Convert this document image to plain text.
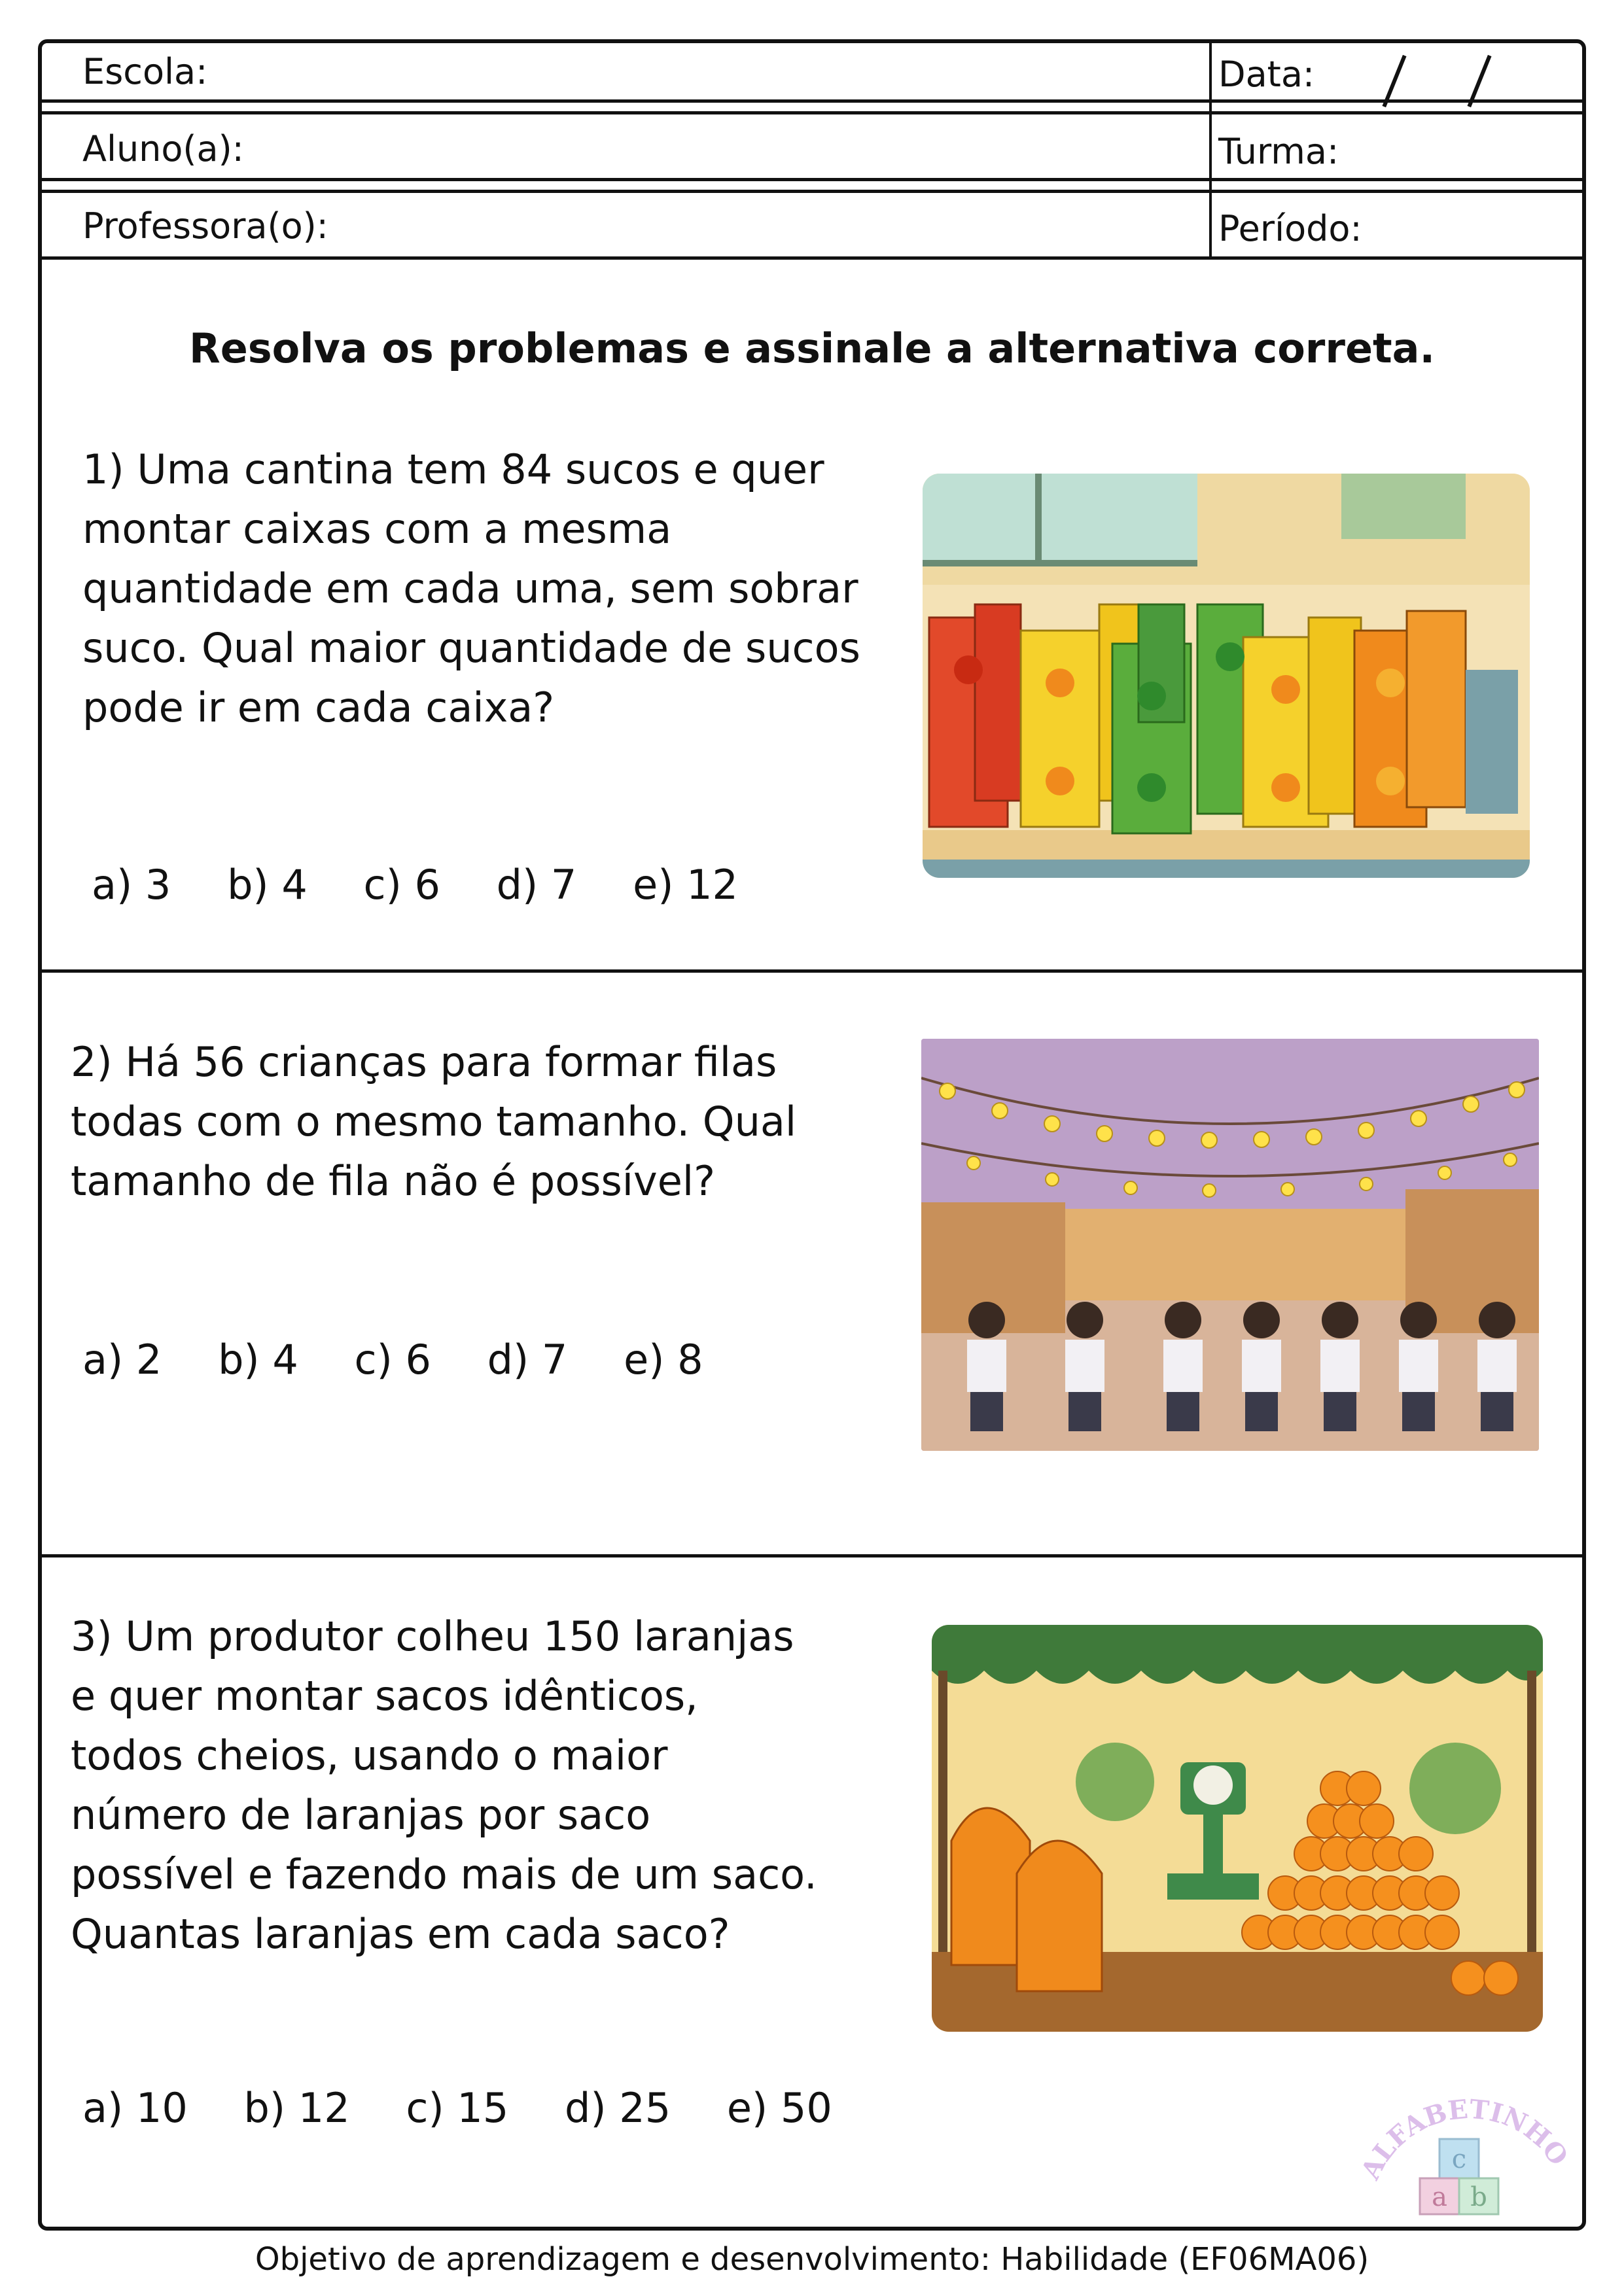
Escola:	Data:
Aluno(a):	Turma:
Professora(o):	Período:
Resolva os problemas e assinale a alternativa correta.
1) Uma cantina tem 84 sucos e quer
montar caixas com a mesma
quantidade em cada uma, sem sobrar
suco. Qual maior quantidade de sucos
pode ir em cada caixa?
a) 3 b) 4 c) 6 d) 7 e) 12
2) Há 56 crianças para formar filas
todas com o mesmo tamanho. Qual
tamanho de fila não é possível?
a) 2 b) 4 c) 6 d) 7 e) 8
3) Um produtor colheu 150 laranjas
e quer montar sacos idênticos,
todos cheios, usando o maior
número de laranjas por saco
possível e fazendo mais de um saco.
Quantas laranjas em cada saco?
a) 10 b) 12 c) 15 d) 25 e) 50
LFABETINHO
c
a b
Objetivo de aprendizagem e desenvolvimento: Habilidade (EF06MA06)
